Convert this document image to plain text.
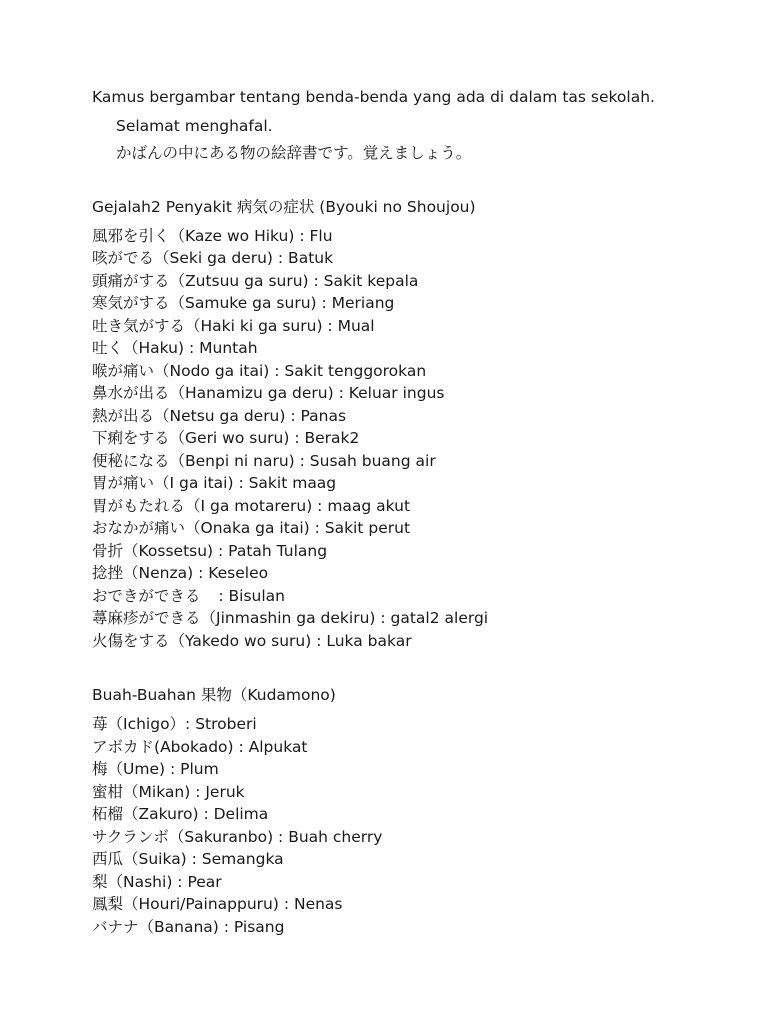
Kamus bergambar tentang benda-benda yang ada di dalam tas sekolah.

Selamat menghafal.

かばんの中にある物の絵辞書です。覚えましょう。

Gejalah2 Penyakit 病気の症状 (Byouki no Shoujou)

風邪を引く（Kaze wo Hiku) : Flu

咳がでる（Seki ga deru) : Batuk

頭痛がする（Zutsuu ga suru) : Sakit kepala

寒気がする（Samuke ga suru) : Meriang

吐き気がする（Haki ki ga suru) : Mual

吐く（Haku) : Muntah

喉が痛い（Nodo ga itai) : Sakit tenggorokan

鼻水が出る（Hanamizu ga deru) : Keluar ingus

熱が出る（Netsu ga deru) : Panas

下痢をする（Geri wo suru) : Berak2

便秘になる（Benpi ni naru) : Susah buang air

胃が痛い（I ga itai) : Sakit maag

胃がもたれる（I ga motareru) : maag akut

おなかが痛い（Onaka ga itai) : Sakit perut

骨折（Kossetsu) : Patah Tulang

捻挫（Nenza) : Keseleo

おできができる : Bisulan

蕁麻疹ができる（Jinmashin ga dekiru) : gatal2 alergi

火傷をする（Yakedo wo suru) : Luka bakar

Buah-Buahan 果物（Kudamono)

苺（Ichigo）: Stroberi

アボカド(Abokado) : Alpukat

梅（Ume) : Plum

蜜柑（Mikan) : Jeruk

柘榴（Zakuro) : Delima

サクランボ（Sakuranbo) : Buah cherry

西瓜（Suika) : Semangka

梨（Nashi) : Pear

鳳梨（Houri/Painappuru) : Nenas

バナナ（Banana) : Pisang
